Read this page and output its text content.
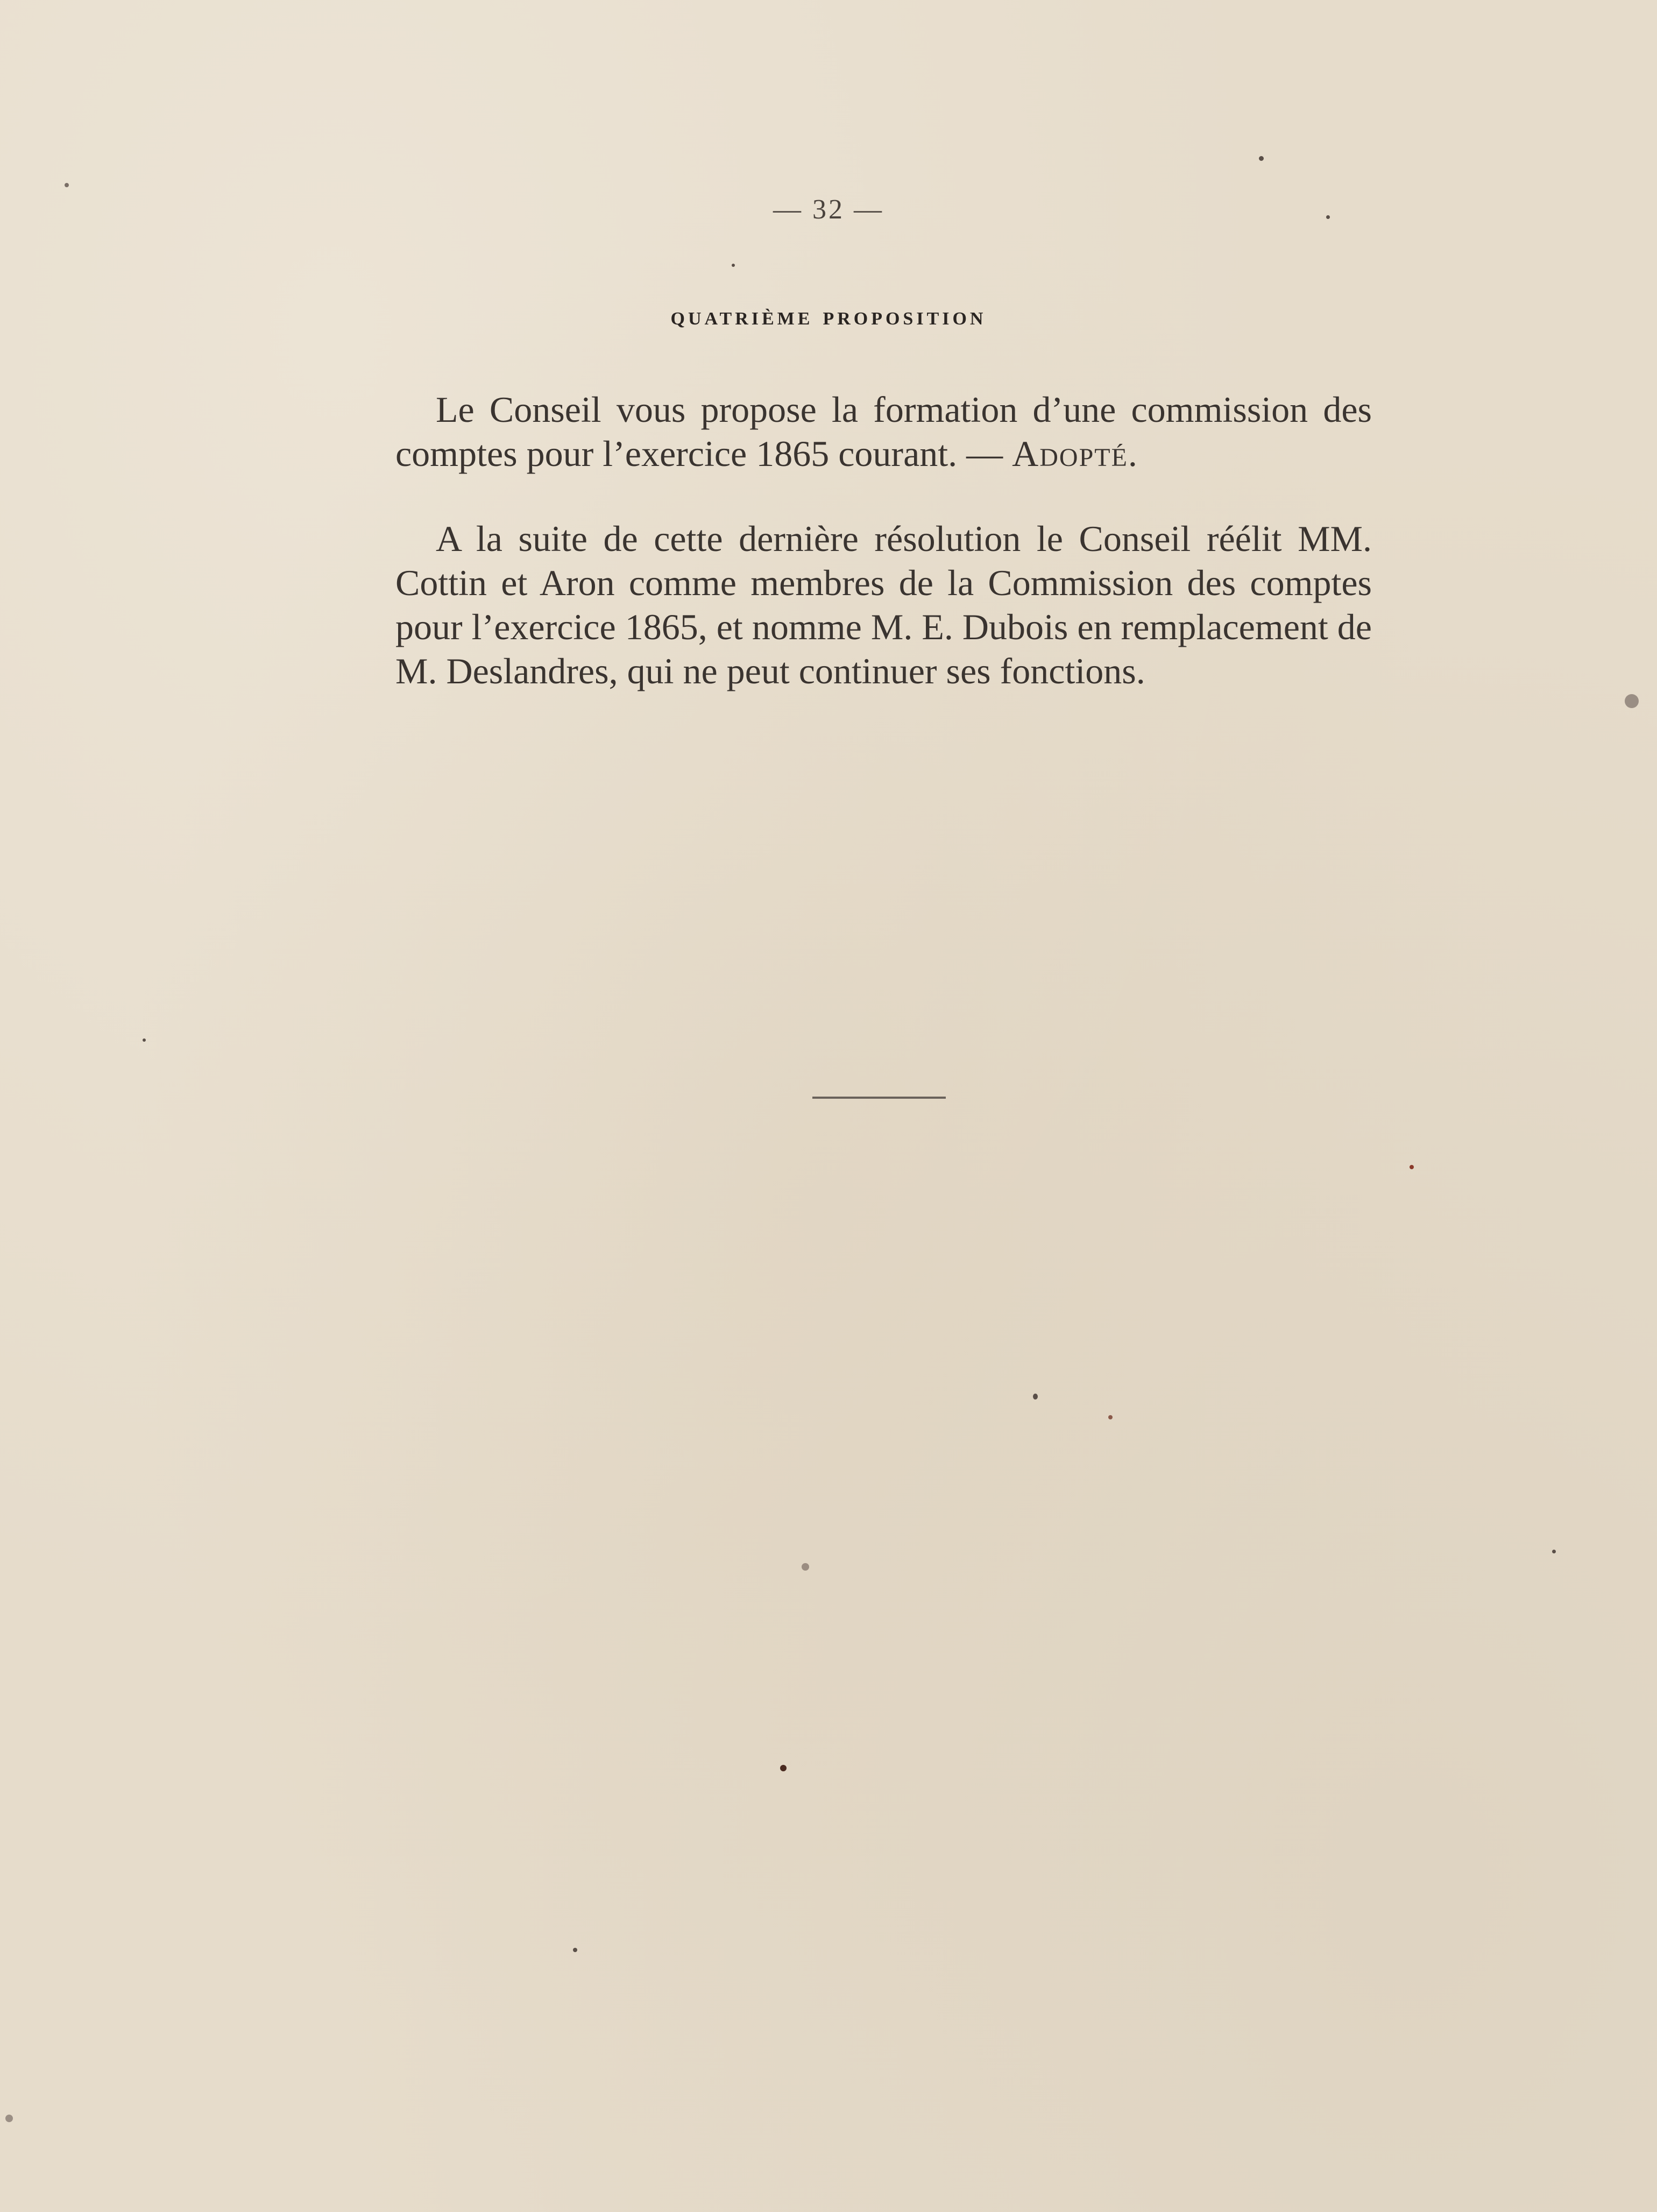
— 32 —
quatrième proposition
Le Conseil vous propose la formation d’une commission des comptes pour l’exercice 1865 courant. — Adopté.
A la suite de cette dernière résolution le Conseil réélit MM. Cottin et Aron comme membres de la Commission des comptes pour l’exercice 1865, et nomme M. E. Dubois en remplacement de M. Deslandres, qui ne peut continuer ses fonctions.
